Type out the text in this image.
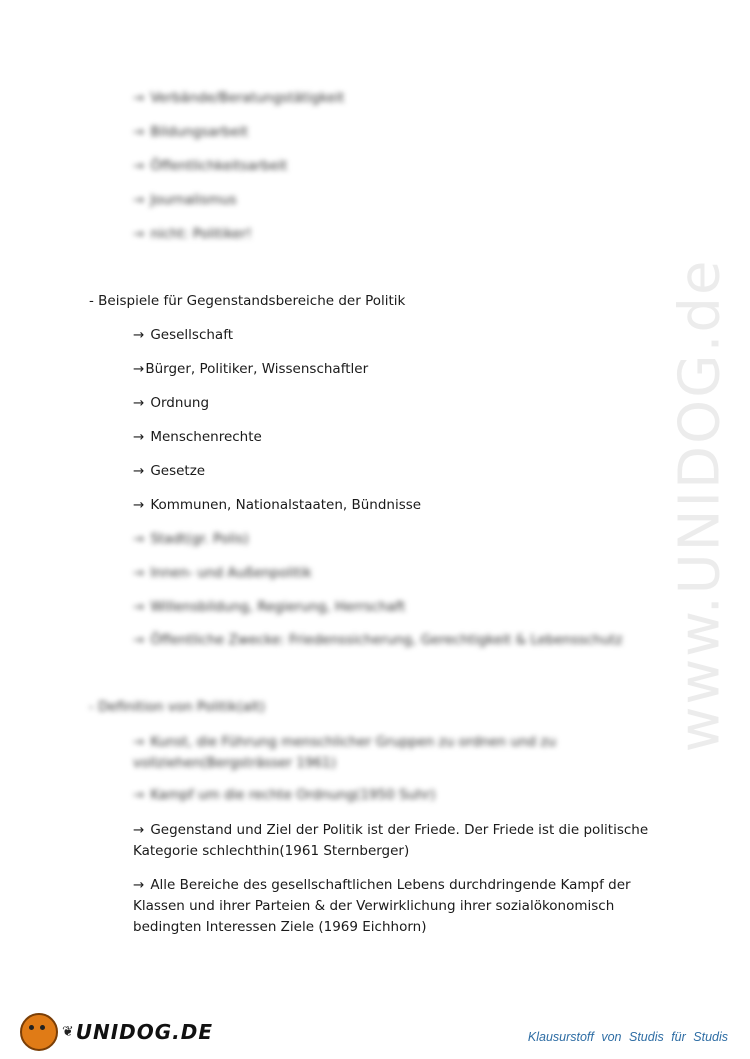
www.UNIDOG.de
→ Verbände/Beratungstätigkeit
→ Bildungsarbeit
→ Öffentlichkeitsarbeit
→ Journalismus
→ nicht: Politiker!
- Beispiele für Gegenstandsbereiche der Politik
→ Gesellschaft
→Bürger, Politiker, Wissenschaftler
→ Ordnung
→ Menschenrechte
→ Gesetze
→ Kommunen, Nationalstaaten, Bündnisse
→ Stadt(gr. Polis)
→ Innen- und Außenpolitik
→ Willensbildung, Regierung, Herrschaft
→ Öffentliche Zwecke: Friedenssicherung, Gerechtigkeit & Lebensschutz
- Definition von Politik(alt)
→ Kunst, die Führung menschlicher Gruppen zu ordnen und zu vollziehen(Bergsträsser 1961)
→ Kampf um die rechte Ordnung(1950 Suhr)
→ Gegenstand und Ziel der Politik ist der Friede. Der Friede ist die politische Kategorie schlechthin(1961 Sternberger)
→ Alle Bereiche des gesellschaftlichen Lebens durchdringende Kampf der Klassen und ihrer Parteien & der Verwirklichung ihrer sozialökonomisch bedingten Interessen Ziele (1969 Eichhorn)
❦ UNIDOG.DE	Klausurstoff von Studis für Studis
